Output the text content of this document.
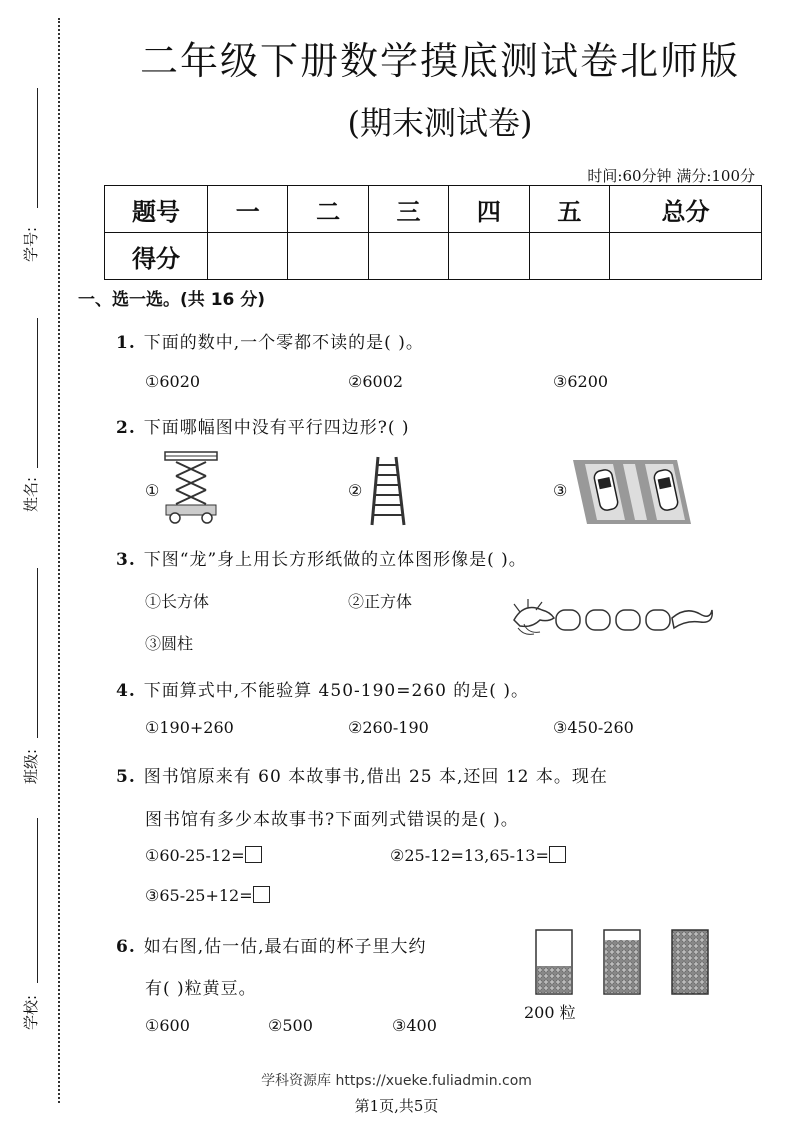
学号:
姓名:
班级:
学校:
二年级下册数学摸底测试卷北师版
(期末测试卷)
时间:60分钟 满分:100分
题号	一	二	三	四	五	总分
得分						
一、选一选。(共 16 分)
1. 下面的数中,一个零都不读的是( )。
①6020	②6002	③6200
2. 下面哪幅图中没有平行四边形?( )
①	②	③
3. 下图“龙”身上用长方形纸做的立体图形像是( )。
①长方体	②正方体
③圆柱
4. 下面算式中,不能验算 450-190=260 的是( )。
①190+260	②260-190	③450-260
5. 图书馆原来有 60 本故事书,借出 25 本,还回 12 本。现在
图书馆有多少本故事书?下面列式错误的是( )。
①60-25-12=	②25-12=13,65-13=
③65-25+12=
6. 如右图,估一估,最右面的杯子里大约
有( )粒黄豆。
①600	②500	③400
200 粒
学科资源库 https://xueke.fuliadmin.com
第1页,共5页
